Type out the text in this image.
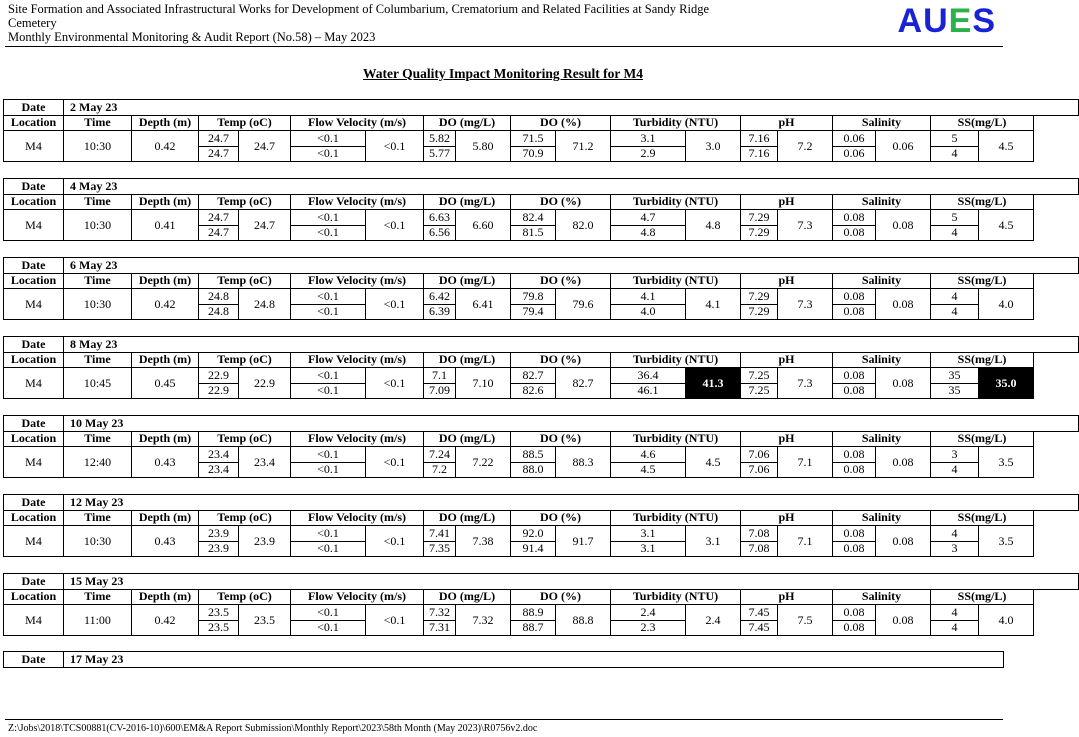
Site Formation and Associated Infrastructural Works for Development of Columbarium, Crematorium and Related Facilities at Sandy Ridge
Cemetery
Monthly Environmental Monitoring & Audit Report (No.58) – May 2023	AUES
Water Quality Impact Monitoring Result for M4
Date	2 May 23																	
Location	Time	Depth (m)	Temp (oC)		Flow Velocity (m/s)		DO (mg/L)		DO (%)		Turbidity (NTU)		pH		Salinity		SS(mg/L)	
M4	10:30	0.42	24.7	24.7	<0.1	<0.1	5.82	5.80	71.5	71.2	3.1	3.0	7.16	7.2	0.06	0.06	5	4.5
			24.7		<0.1		5.77		70.9		2.9		7.16		0.06		4	
Date	4 May 23																	
Location	Time	Depth (m)	Temp (oC)		Flow Velocity (m/s)		DO (mg/L)		DO (%)		Turbidity (NTU)		pH		Salinity		SS(mg/L)	
M4	10:30	0.41	24.7	24.7	<0.1	<0.1	6.63	6.60	82.4	82.0	4.7	4.8	7.29	7.3	0.08	0.08	5	4.5
			24.7		<0.1		6.56		81.5		4.8		7.29		0.08		4	
Date	6 May 23																	
Location	Time	Depth (m)	Temp (oC)		Flow Velocity (m/s)		DO (mg/L)		DO (%)		Turbidity (NTU)		pH		Salinity		SS(mg/L)	
M4	10:30	0.42	24.8	24.8	<0.1	<0.1	6.42	6.41	79.8	79.6	4.1	4.1	7.29	7.3	0.08	0.08	4	4.0
			24.8		<0.1		6.39		79.4		4.0		7.29		0.08		4	
Date	8 May 23																	
Location	Time	Depth (m)	Temp (oC)		Flow Velocity (m/s)		DO (mg/L)		DO (%)		Turbidity (NTU)		pH		Salinity		SS(mg/L)	
M4	10:45	0.45	22.9	22.9	<0.1	<0.1	7.1	7.10	82.7	82.7	36.4	41.3	7.25	7.3	0.08	0.08	35	35.0
			22.9		<0.1		7.09		82.6		46.1		7.25		0.08		35	
Date	10 May 23																	
Location	Time	Depth (m)	Temp (oC)		Flow Velocity (m/s)		DO (mg/L)		DO (%)		Turbidity (NTU)		pH		Salinity		SS(mg/L)	
M4	12:40	0.43	23.4	23.4	<0.1	<0.1	7.24	7.22	88.5	88.3	4.6	4.5	7.06	7.1	0.08	0.08	3	3.5
			23.4		<0.1		7.2		88.0		4.5		7.06		0.08		4	
Date	12 May 23																	
Location	Time	Depth (m)	Temp (oC)		Flow Velocity (m/s)		DO (mg/L)		DO (%)		Turbidity (NTU)		pH		Salinity		SS(mg/L)	
M4	10:30	0.43	23.9	23.9	<0.1	<0.1	7.41	7.38	92.0	91.7	3.1	3.1	7.08	7.1	0.08	0.08	4	3.5
			23.9		<0.1		7.35		91.4		3.1		7.08		0.08		3	
Date	15 May 23																	
Location	Time	Depth (m)	Temp (oC)		Flow Velocity (m/s)		DO (mg/L)		DO (%)		Turbidity (NTU)		pH		Salinity		SS(mg/L)	
M4	11:00	0.42	23.5	23.5	<0.1	<0.1	7.32	7.32	88.9	88.8	2.4	2.4	7.45	7.5	0.08	0.08	4	4.0
			23.5		<0.1		7.31		88.7		2.3		7.45		0.08		4	
Date	17 May 23
Z:\Jobs\2018\TCS00881(CV-2016-10)\600\EM&A Report Submission\Monthly Report\2023\58th Month (May 2023)\R0756v2.doc
